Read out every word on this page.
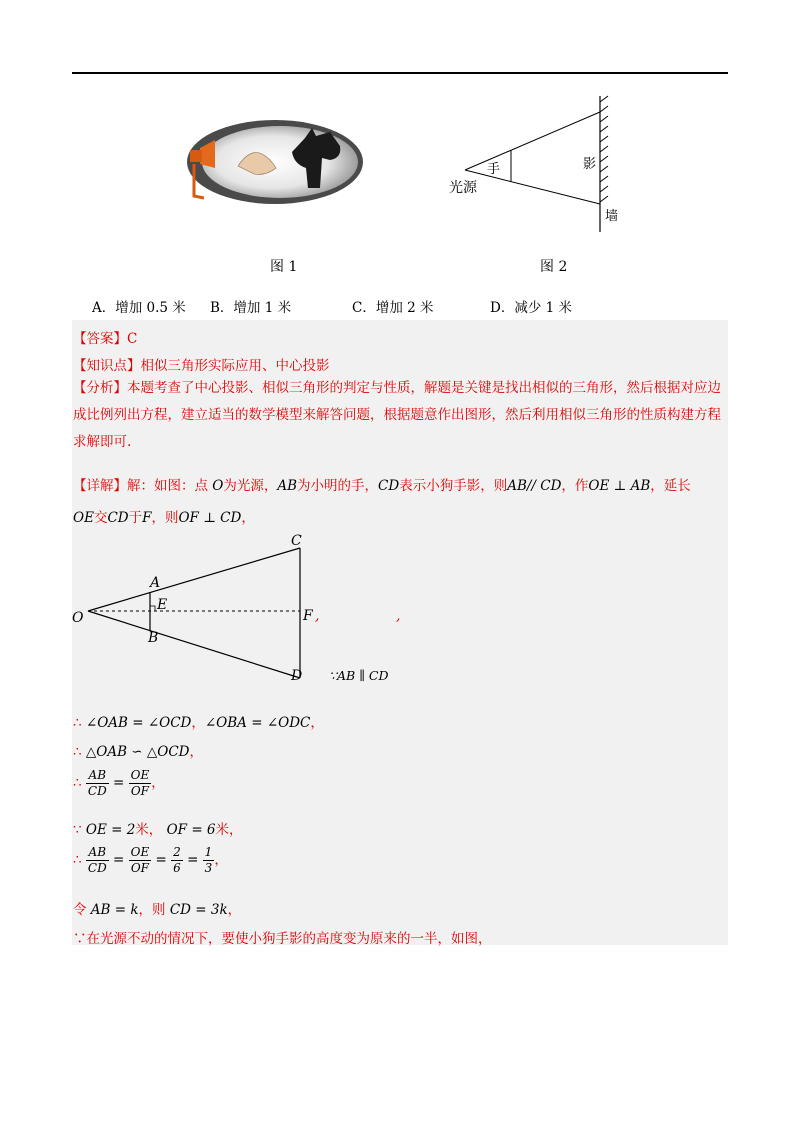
手
光源
影
墙
图 1	图 2
A．增加 0.5 米 B．增加 1 米	C．增加 2 米	D．减少 1 米
【答案】C
【知识点】相似三角形实际应用、中心投影
【分析】本题考查了中心投影、相似三角形的判定与性质，解题是关键是找出相似的三角形，然后根据对应边成比例列出方程，建立适当的数学模型来解答问题，根据题意作出图形，然后利用相似三角形的性质构建方程求解即可.
【详解】解：如图：点 O为光源，AB为小明的手，CD表示小狗手影，则AB// CD，作OE ⊥ AB，延长
OE交CD于F，则OF ⊥ CD，
C
A
E
O	F ,	,
B
D ∵AB ∥ CD
∴ ∠OAB = ∠OCD，∠OBA = ∠ODC，
∴ △OAB ∽ △OCD，
∴ $\frac{AB}{CD} = \frac{OE}{OF}$ ，
∵ OE = 2米， OF = 6米，
∴ $\frac{AB}{CD} = \frac{OE}{OF} = \frac{2}{6} = \frac{1}{3}$ ，
令 AB = k，则 CD = 3k，
∵在光源不动的情况下，要使小狗手影的高度变为原来的一半，如图，
